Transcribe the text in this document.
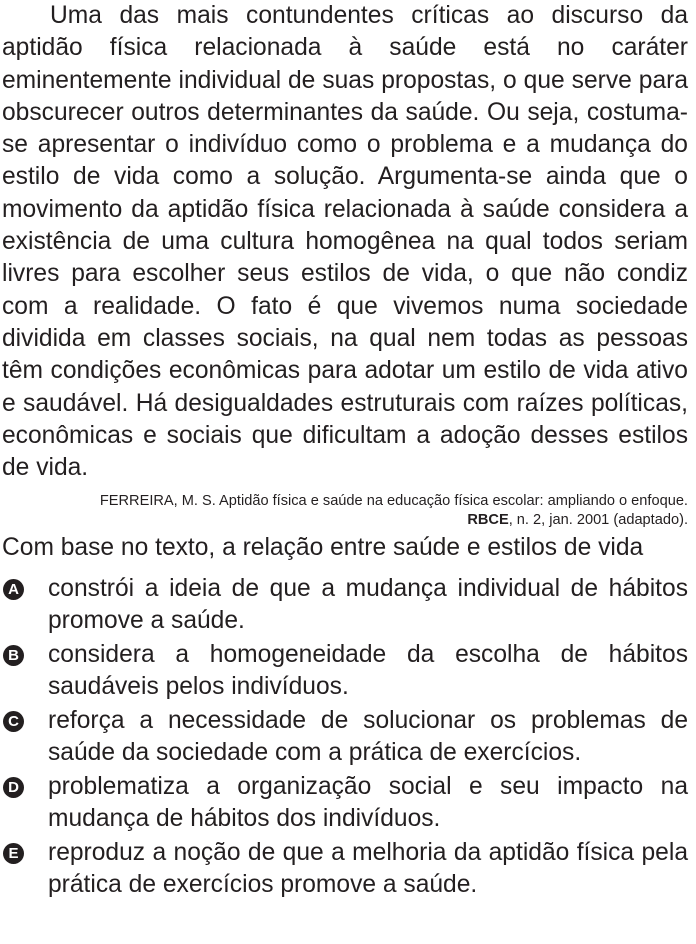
Uma das mais contundentes críticas ao discurso da aptidão física relacionada à saúde está no caráter eminentemente individual de suas propostas, o que serve para obscurecer outros determinantes da saúde. Ou seja, costuma-se apresentar o indivíduo como o problema e a mudança do estilo de vida como a solução. Argumenta-se ainda que o movimento da aptidão física relacionada à saúde considera a existência de uma cultura homogênea na qual todos seriam livres para escolher seus estilos de vida, o que não condiz com a realidade. O fato é que vivemos numa sociedade dividida em classes sociais, na qual nem todas as pessoas têm condições econômicas para adotar um estilo de vida ativo e saudável. Há desigualdades estruturais com raízes políticas, econômicas e sociais que dificultam a adoção desses estilos de vida.

FERREIRA, M. S. Aptidão física e saúde na educação física escolar: ampliando o enfoque.
RBCE, n. 2, jan. 2001 (adaptado).
Com base no texto, a relação entre saúde e estilos de vida
A constrói a ideia de que a mudança individual de hábitos promove a saúde.
B considera a homogeneidade da escolha de hábitos saudáveis pelos indivíduos.
C reforça a necessidade de solucionar os problemas de saúde da sociedade com a prática de exercícios.
D problematiza a organização social e seu impacto na mudança de hábitos dos indivíduos.
E reproduz a noção de que a melhoria da aptidão física pela prática de exercícios promove a saúde.
